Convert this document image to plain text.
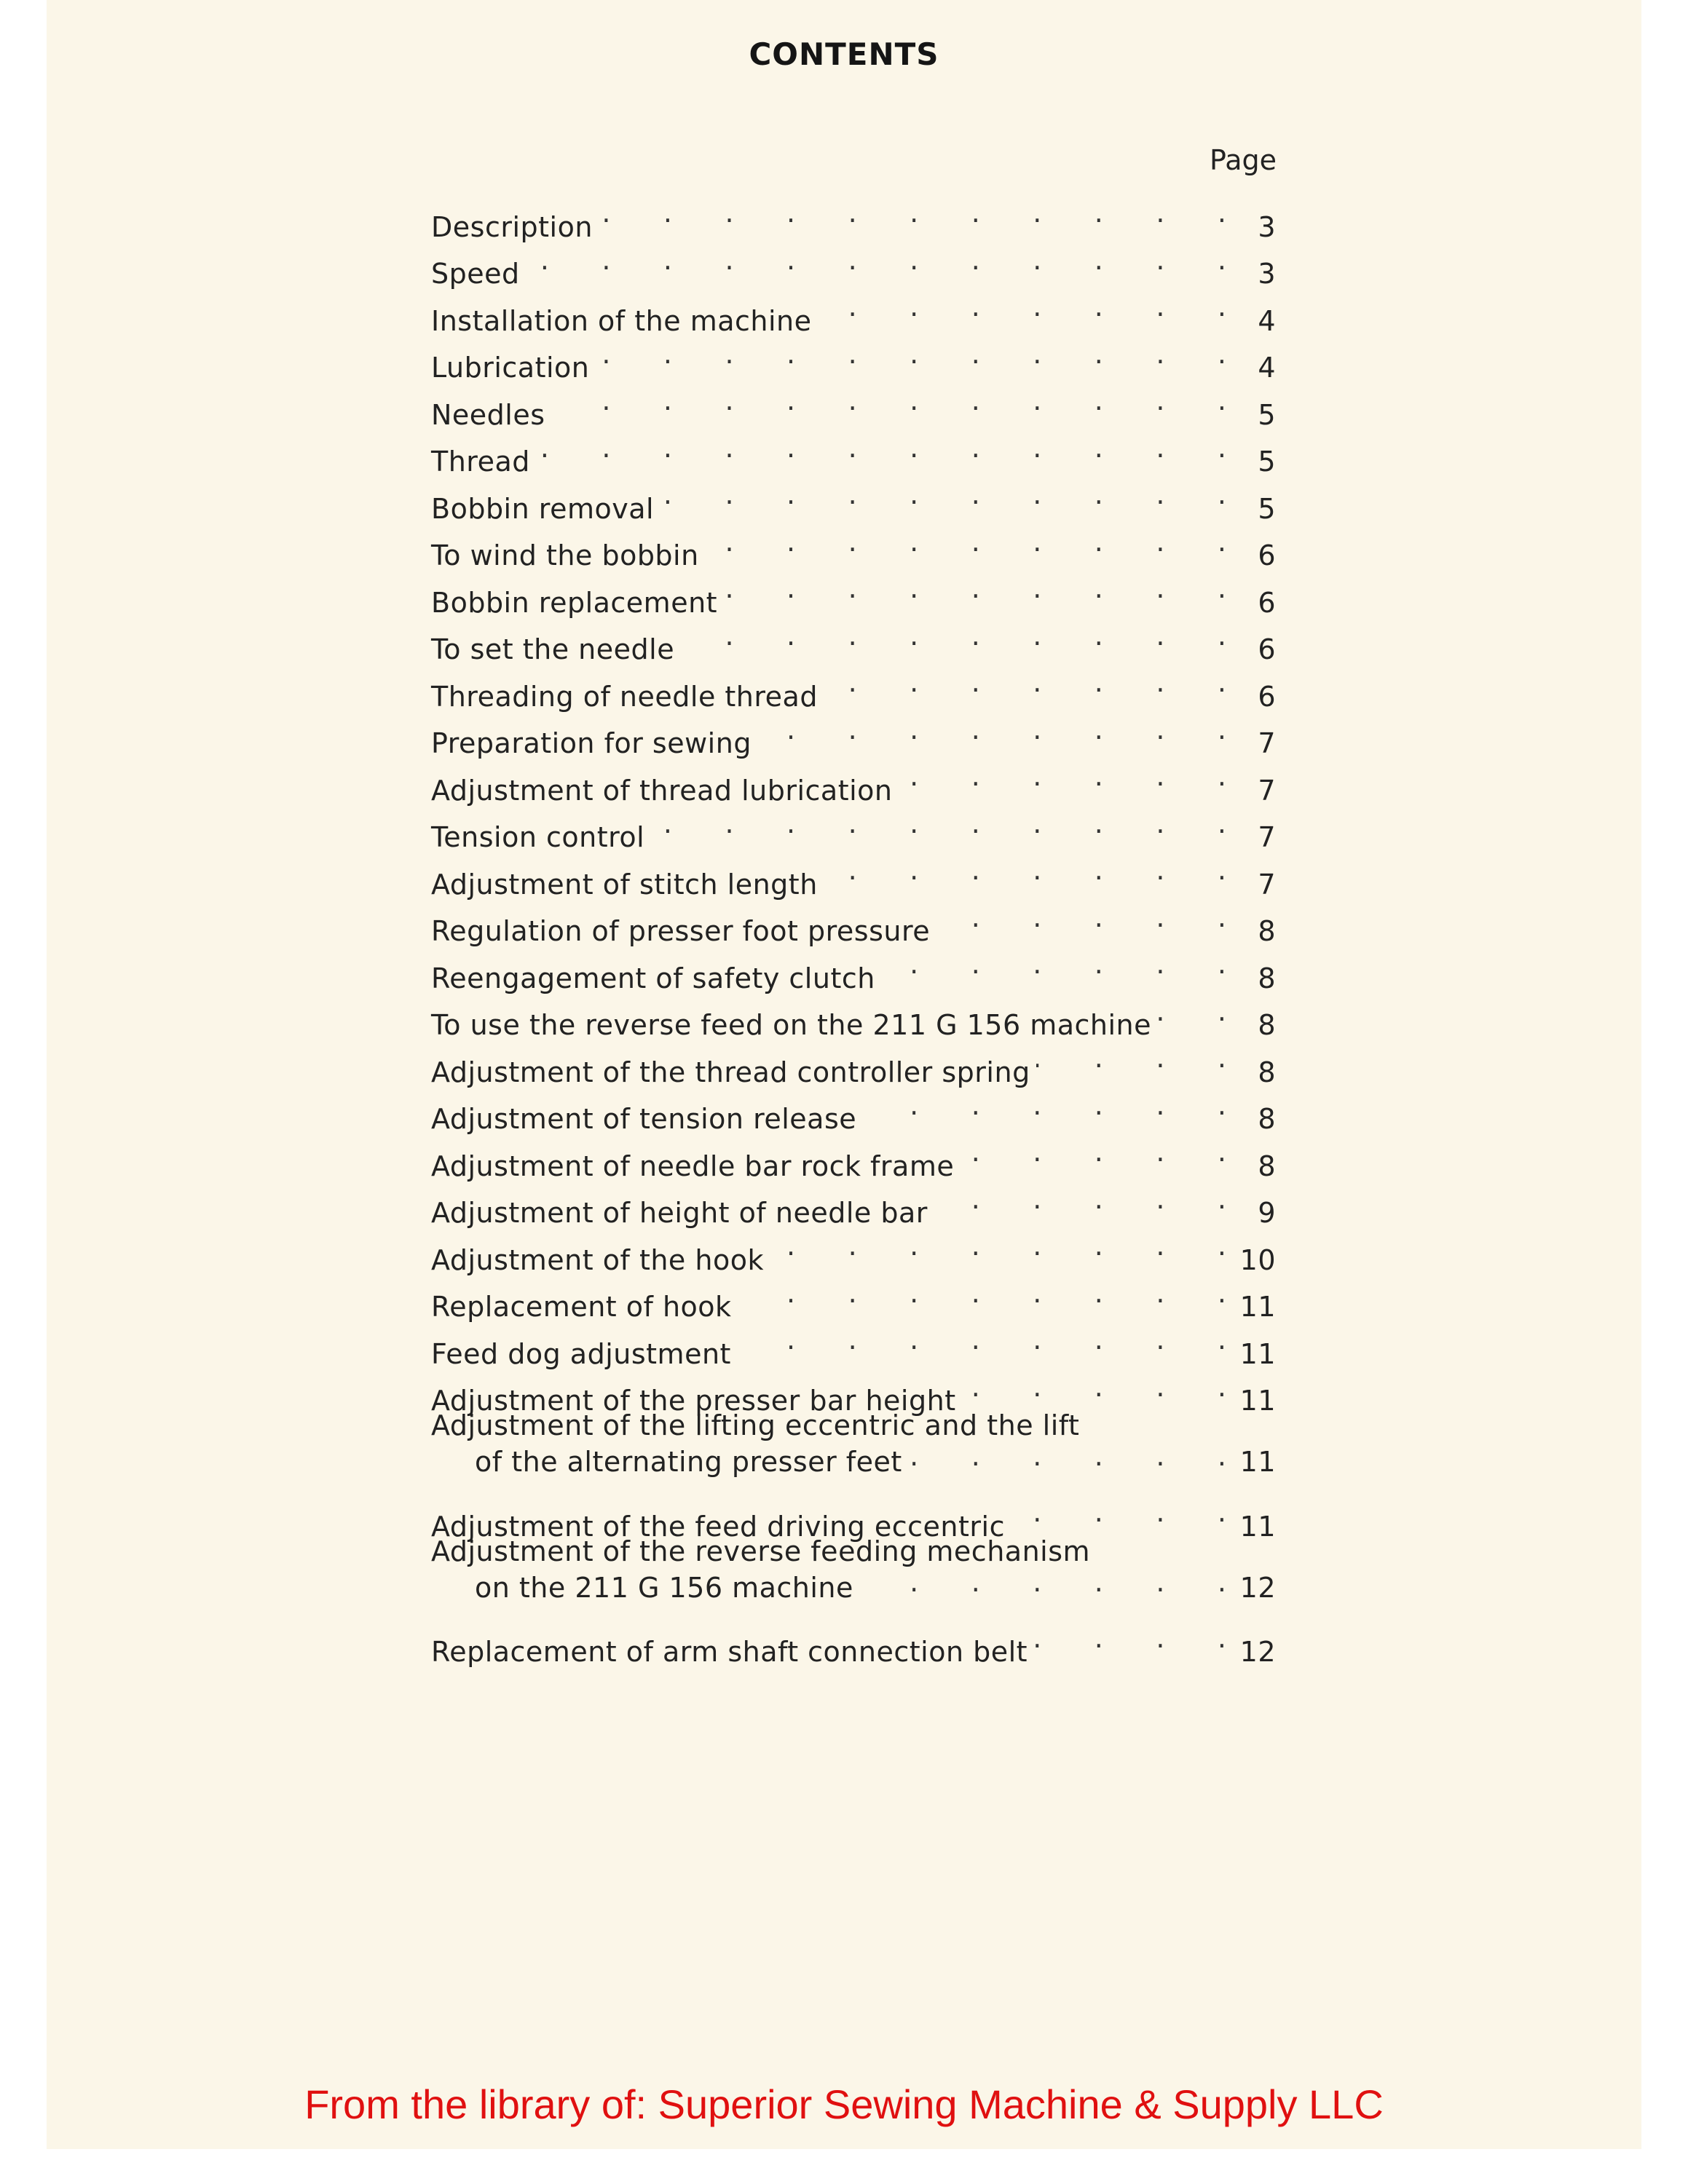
CONTENTS
Page
Description .	3
Speed .	3
Installation of the machine .	4
Lubrication .	4
Needles .	5
Thread .	5
Bobbin removal .	5
To wind the bobbin .	6
Bobbin replacement .	6
To set the needle .	6
Threading of needle thread .	6
Preparation for sewing .	7
Adjustment of thread lubrication .	7
Tension control .	7
Adjustment of stitch length .	7
Regulation of presser foot pressure .	8
Reengagement of safety clutch .	8
To use the reverse feed on the 211 G 156 machine .	8
Adjustment of the thread controller spring .	8
Adjustment of tension release .	8
Adjustment of needle bar rock frame .	8
Adjustment of height of needle bar .	9
Adjustment of the hook .	10
Replacement of hook .	11
Feed dog adjustment .	11
Adjustment of the presser bar height .	11
Adjustment of the lifting eccentric and the lift
of the alternating presser feet .	11
Adjustment of the feed driving eccentric .	11
Adjustment of the reverse feeding mechanism
on the 211 G 156 machine .	12
Replacement of arm shaft connection belt .	12
From the library of: Superior Sewing Machine & Supply LLC
